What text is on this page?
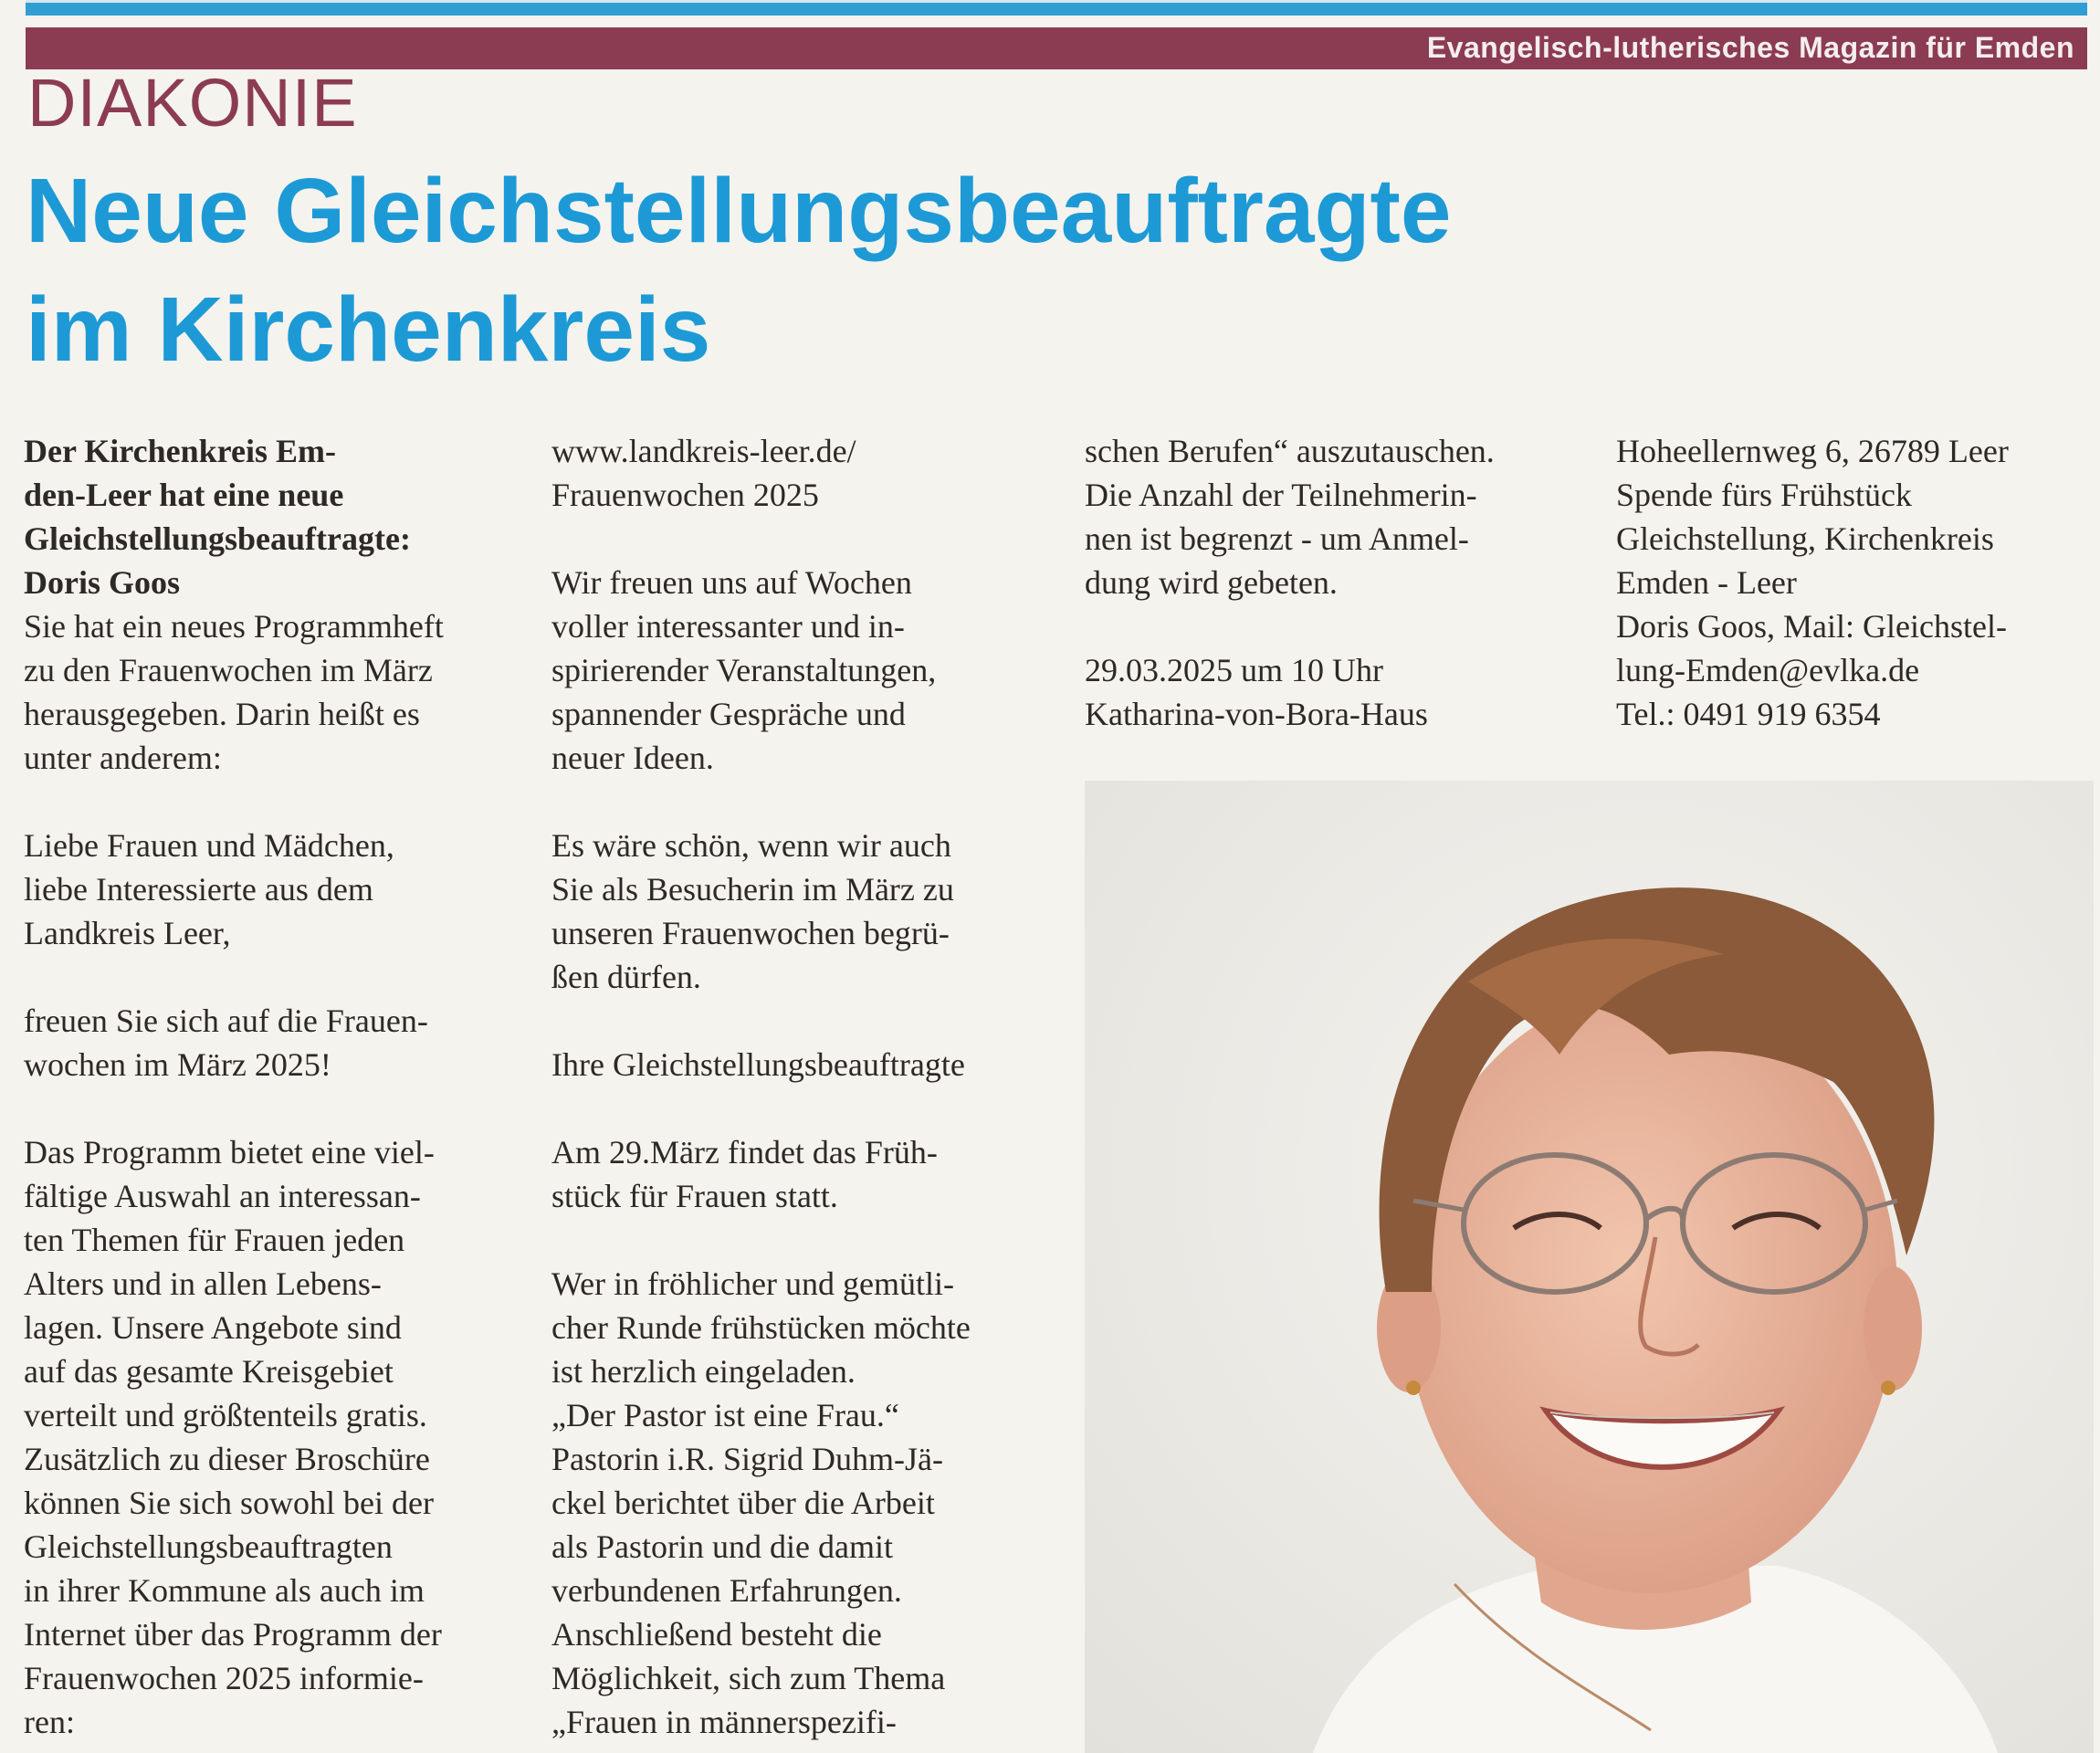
Evangelisch-lutherisches Magazin für Emden
DIAKONIE
Neue Gleichstellungsbeauftragte
im Kirchenkreis
Der Kirchenkreis Em-
den-Leer hat eine neue
Gleichstellungsbeauftragte:
Doris Goos

Sie hat ein neues Programmheft
zu den Frauenwochen im März
herausgegeben. Darin heißt es
unter anderem:

Liebe Frauen und Mädchen,
liebe Interessierte aus dem
Landkreis Leer,

freuen Sie sich auf die Frauen-
wochen im März 2025!

Das Programm bietet eine viel-
fältige Auswahl an interessan-
ten Themen für Frauen jeden
Alters und in allen Lebens-
lagen. Unsere Angebote sind
auf das gesamte Kreisgebiet
verteilt und größtenteils gratis.
Zusätzlich zu dieser Broschüre
können Sie sich sowohl bei der
Gleichstellungsbeauftragten
in ihrer Kommune als auch im
Internet über das Programm der
Frauenwochen 2025 informie-
ren:

www.landkreis-leer.de/
Frauenwochen 2025

Wir freuen uns auf Wochen
voller interessanter und in-
spirierender Veranstaltungen,
spannender Gespräche und
neuer Ideen.

Es wäre schön, wenn wir auch
Sie als Besucherin im März zu
unseren Frauenwochen begrü-
ßen dürfen.

Ihre Gleichstellungsbeauftragte

Am 29.März findet das Früh-
stück für Frauen statt.

Wer in fröhlicher und gemütli-
cher Runde frühstücken möchte
ist herzlich eingeladen.
„Der Pastor ist eine Frau.“
Pastorin i.R. Sigrid Duhm-Jä-
ckel berichtet über die Arbeit
als Pastorin und die damit
verbundenen Erfahrungen.
Anschließend besteht die
Möglichkeit, sich zum Thema
„Frauen in männerspezifi-

schen Berufen“ auszutauschen.
Die Anzahl der Teilnehmerin-
nen ist begrenzt - um Anmel-
dung wird gebeten.

29.03.2025 um 10 Uhr
Katharina-von-Bora-Haus

Hoheellernweg 6, 26789 Leer
Spende fürs Frühstück
Gleichstellung, Kirchenkreis
Emden - Leer
Doris Goos, Mail: Gleichstel-
lung-Emden@evlka.de
Tel.: 0491 919 6354
